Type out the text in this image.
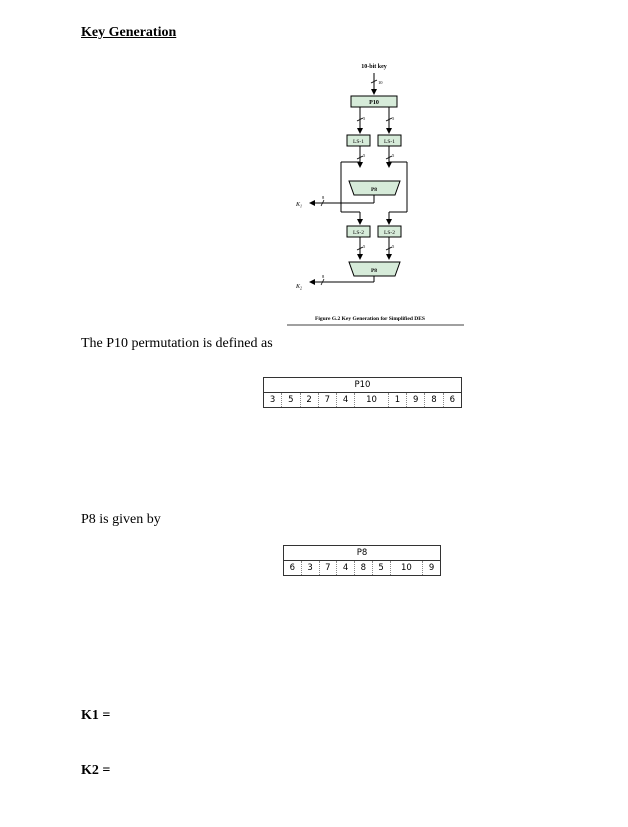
Key Generation
10-bit key
10
P10
5	5
LS-1	LS-1
5	5
P8
8
$K_1$
LS-2	LS-2
5	5
P8
8
$K_2$
Figure G.2 Key Generation for Simplified DES
The P10 permutation is defined as
P10
3	5	2	7	4	10	1	9	8	6
P8 is given by
P8
6	3	7	4	8	5	10	9
K1 =
K2 =
